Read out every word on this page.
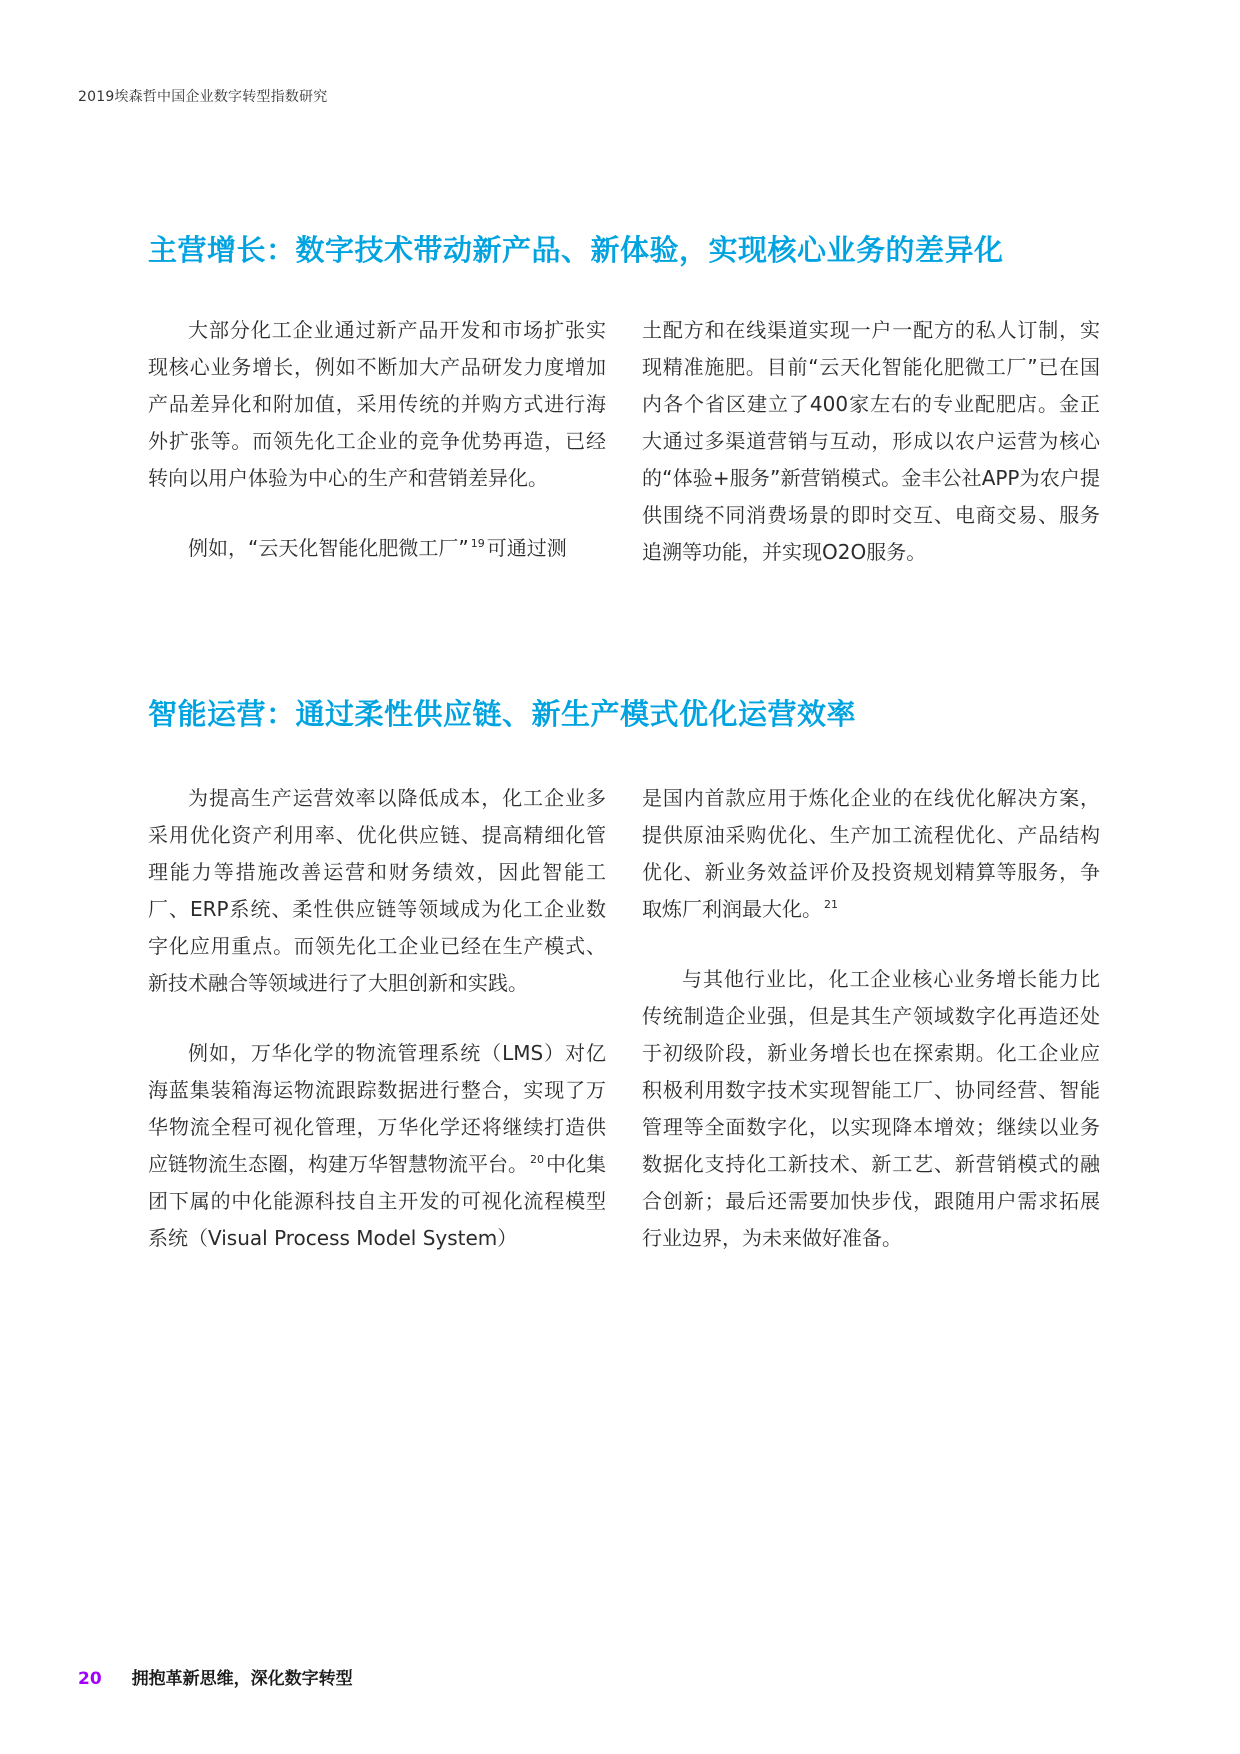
2019埃森哲中国企业数字转型指数研究
主营增长：数字技术带动新产品、新体验，实现核心业务的差异化

大部分化工企业通过新产品开发和市场扩张实现核心业务增长，例如不断加大产品研发力度增加产品差异化和附加值，采用传统的并购方式进行海外扩张等。而领先化工企业的竞争优势再造，已经转向以用户体验为中心的生产和营销差异化。

例如，“云天化智能化肥微工厂” $^{19}$ 可通过测

土配方和在线渠道实现一户一配方的私人订制，实现精准施肥。目前“云天化智能化肥微工厂”已在国内各个省区建立了400家左右的专业配肥店。金正大通过多渠道营销与互动，形成以农户运营为核心的“体验+服务”新营销模式。金丰公社APP为农户提供围绕不同消费场景的即时交互、电商交易、服务追溯等功能，并实现O2O服务。

智能运营：通过柔性供应链、新生产模式优化运营效率

为提高生产运营效率以降低成本，化工企业多采用优化资产利用率、优化供应链、提高精细化管理能力等措施改善运营和财务绩效，因此智能工厂、ERP系统、柔性供应链等领域成为化工企业数字化应用重点。而领先化工企业已经在生产模式、新技术融合等领域进行了大胆创新和实践。

例如，万华化学的物流管理系统（LMS）对亿海蓝集装箱海运物流跟踪数据进行整合，实现了万华物流全程可视化管理，万华化学还将继续打造供应链物流生态圈，构建万华智慧物流平台。 $^{20}$ 中化集团下属的中化能源科技自主开发的可视化流程模型系统（Visual Process Model System）

是国内首款应用于炼化企业的在线优化解决方案，提供原油采购优化、生产加工流程优化、产品结构优化、新业务效益评价及投资规划精算等服务，争取炼厂利润最大化。 $^{21}$

与其他行业比，化工企业核心业务增长能力比传统制造企业强，但是其生产领域数字化再造还处于初级阶段，新业务增长也在探索期。化工企业应积极利用数字技术实现智能工厂、协同经营、智能管理等全面数字化，以实现降本增效；继续以业务数据化支持化工新技术、新工艺、新营销模式的融合创新；最后还需要加快步伐，跟随用户需求拓展行业边界，为未来做好准备。

20 拥抱革新思维，深化数字转型
